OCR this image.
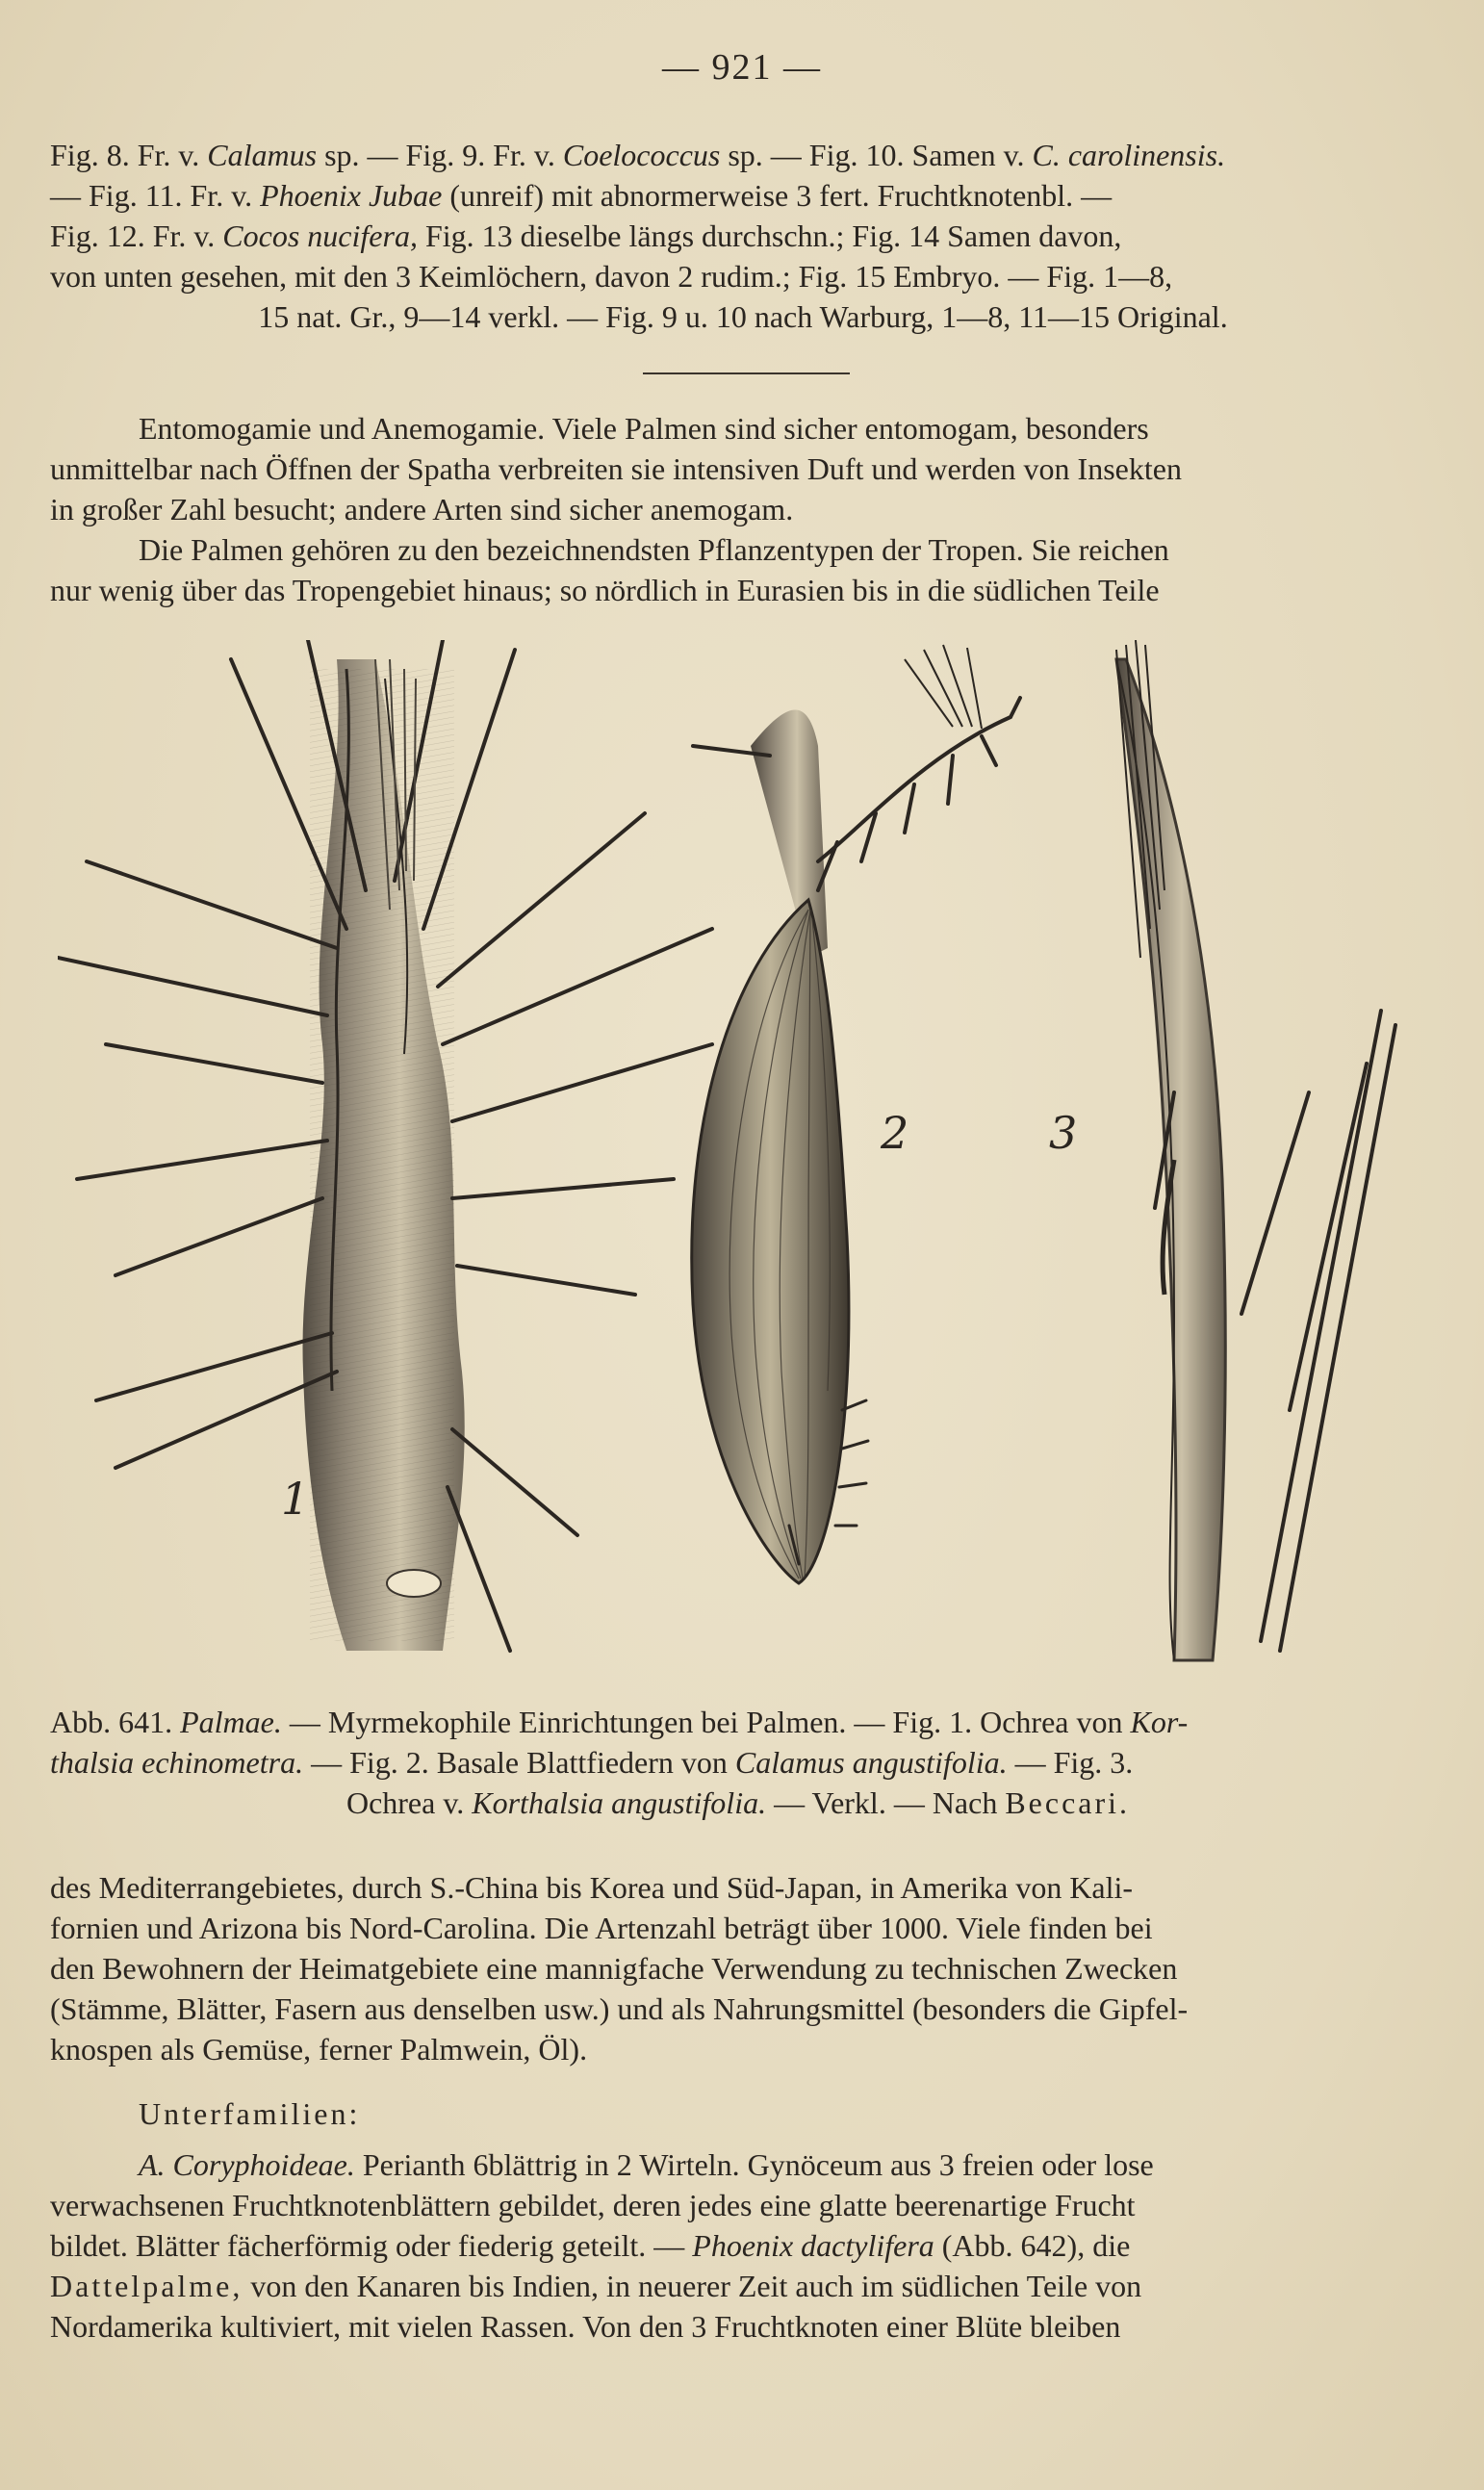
— 921 —
Fig. 8. Fr. v. Calamus sp. — Fig. 9. Fr. v. Coelococcus sp. — Fig. 10. Samen v. C. carolinensis.
— Fig. 11. Fr. v. Phoenix Jubae (unreif) mit abnormerweise 3 fert. Fruchtknotenbl. —
Fig. 12. Fr. v. Cocos nucifera, Fig. 13 dieselbe längs durchschn.; Fig. 14 Samen davon,
von unten gesehen, mit den 3 Keimlöchern, davon 2 rudim.; Fig. 15 Embryo. — Fig. 1—8,
15 nat. Gr., 9—14 verkl. — Fig. 9 u. 10 nach Warburg, 1—8, 11—15 Original.
Entomogamie und Anemogamie. Viele Palmen sind sicher entomogam, besonders
unmittelbar nach Öffnen der Spatha verbreiten sie intensiven Duft und werden von Insekten
in großer Zahl besucht; andere Arten sind sicher anemogam.
Die Palmen gehören zu den bezeichnendsten Pflanzentypen der Tropen. Sie reichen
nur wenig über das Tropengebiet hinaus; so nördlich in Eurasien bis in die südlichen Teile
1
2	3
Abb. 641. Palmae. — Myrmekophile Einrichtungen bei Palmen. — Fig. 1. Ochrea von Kor-
thalsia echinometra. — Fig. 2. Basale Blattfiedern von Calamus angustifolia. — Fig. 3.
Ochrea v. Korthalsia angustifolia. — Verkl. — Nach Beccari.
des Mediterrangebietes, durch S.-China bis Korea und Süd-Japan, in Amerika von Kali-
fornien und Arizona bis Nord-Carolina. Die Artenzahl beträgt über 1000. Viele finden bei
den Bewohnern der Heimatgebiete eine mannigfache Verwendung zu technischen Zwecken
(Stämme, Blätter, Fasern aus denselben usw.) und als Nahrungsmittel (besonders die Gipfel-
knospen als Gemüse, ferner Palmwein, Öl).
Unterfamilien:
A. Coryphoideae. Perianth 6blättrig in 2 Wirteln. Gynöceum aus 3 freien oder lose
verwachsenen Fruchtknotenblättern gebildet, deren jedes eine glatte beerenartige Frucht
bildet. Blätter fächerförmig oder fiederig geteilt. — Phoenix dactylifera (Abb. 642), die
Dattelpalme, von den Kanaren bis Indien, in neuerer Zeit auch im südlichen Teile von
Nordamerika kultiviert, mit vielen Rassen. Von den 3 Fruchtknoten einer Blüte bleiben
